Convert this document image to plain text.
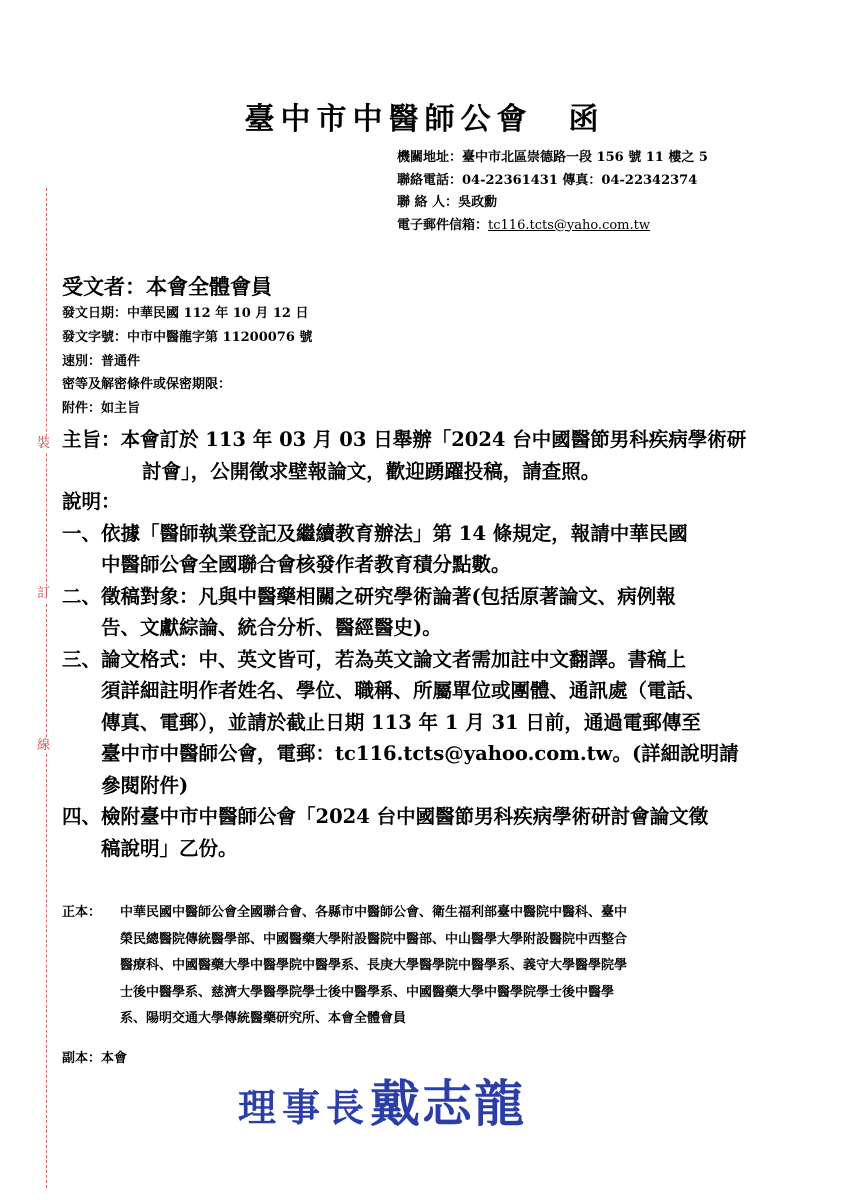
臺中市中醫師公會　函
機關地址：臺中市北區崇德路一段 156 號 11 樓之 5
聯絡電話：04-22361431 傳真：04-22342374
聯 絡 人：吳政勳
電子郵件信箱：tc116.tcts@yaho.com.tw
裝
訂
線
受文者：本會全體會員
發文日期：中華民國 112 年 10 月 12 日
發文字號：中市中醫龍字第 11200076 號
速別：普通件
密等及解密條件或保密期限：
附件：如主旨
主旨：本會訂於 113 年 03 月 03 日舉辦「2024 台中國醫節男科疾病學術研
討會」，公開徵求壁報論文，歡迎踴躍投稿，請查照。
說明：
一、 依據「醫師執業登記及繼續教育辦法」第 14 條規定，報請中華民國
中醫師公會全國聯合會核發作者教育積分點數。
二、 徵稿對象：凡與中醫藥相關之研究學術論著(包括原著論文、病例報
告、文獻綜論、統合分析、醫經醫史)。
三、 論文格式：中、英文皆可，若為英文論文者需加註中文翻譯。書稿上
須詳細註明作者姓名、學位、職稱、所屬單位或團體、通訊處（電話、
傳真、電郵），並請於截止日期 113 年 1 月 31 日前，通過電郵傳至
臺中市中醫師公會，電郵：tc116.tcts@yahoo.com.tw。(詳細說明請
參閱附件)
四、 檢附臺中市中醫師公會「2024 台中國醫節男科疾病學術研討會論文徵
稿說明」乙份。
正本：	中華民國中醫師公會全國聯合會、各縣市中醫師公會、衛生福利部臺中醫院中醫科、臺中
榮民總醫院傳統醫學部、中國醫藥大學附設醫院中醫部、中山醫學大學附設醫院中西整合
醫療科、中國醫藥大學中醫學院中醫學系、長庚大學醫學院中醫學系、義守大學醫學院學
士後中醫學系、慈濟大學醫學院學士後中醫學系、中國醫藥大學中醫學院學士後中醫學
系、陽明交通大學傳統醫藥研究所、本會全體會員
副本：本會
理事長戴志龍
